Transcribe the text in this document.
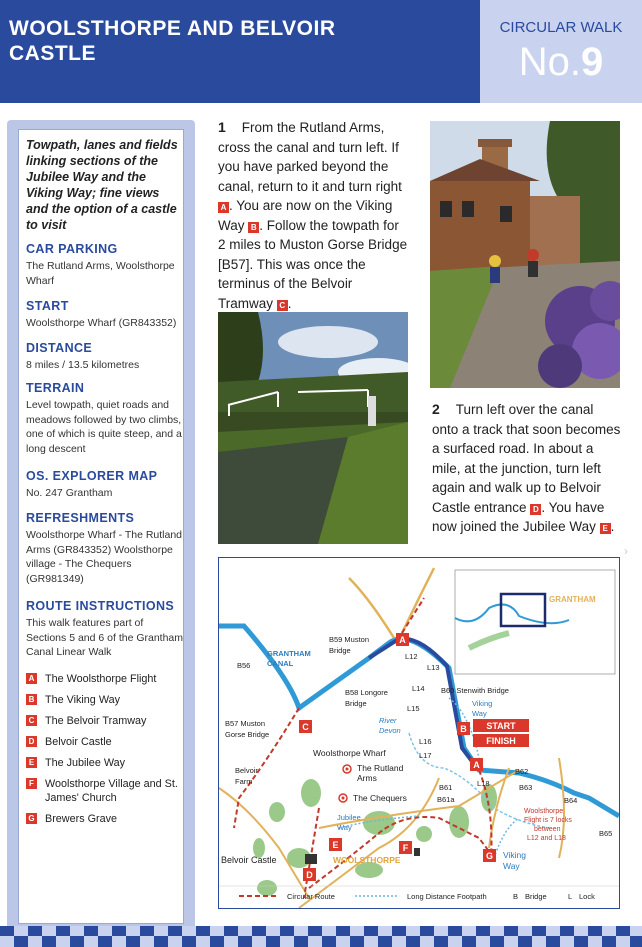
WOOLSTHORPE AND BELVOIR
CASTLE
CIRCULAR WALK
No.9
Towpath, lanes and fields linking sections of the Jubilee Way and the Viking Way; fine views and the option of a castle to visit
CAR PARKING

The Rutland Arms, Woolsthorpe Wharf

START

Woolsthorpe Wharf (GR843352)

DISTANCE

8 miles / 13.5 kilometres

TERRAIN

Level towpath, quiet roads and meadows followed by two climbs, one of which is quite steep, and a long descent

OS. EXPLORER MAP

No. 247 Grantham

REFRESHMENTS

Woolsthorpe Wharf - The Rutland Arms (GR843352) Woolsthorpe village - The Chequers (GR981349)

ROUTE INSTRUCTIONS

This walk features part of Sections 5 and 6 of the Grantham Canal Linear Walk

A The Woolsthorpe Flight
B The Viking Way
C The Belvoir Tramway
D Belvoir Castle
E The Jubilee Way
F Woolsthorpe Village and St. James' Church
G Brewers Grave
1 From the Rutland Arms, cross the canal and turn left. If you have parked beyond the canal, return to it and turn right A . You are now on the Viking Way B . Follow the towpath for 2 miles to Muston Gorse Bridge [B57]. This was once the terminus of the Belvoir Tramway C .
2 Turn left over the canal onto a track that soon becomes a surfaced road. In about a mile, at the junction, turn left again and walk up to Belvoir Castle entrance D . You have now joined the Jubilee Way E .
›
GRANTHAM
B59 Muston
Bridge
B56
GRANTHAM
CANAL
B58 Longore
Bridge
B57 Muston
Gorse Bridge
L12
L13
L14
L15
L16
L17
L18
B60 Stenwith Bridge
Viking
Way
River
Devon
Woolsthorpe Wharf
The Rutland
Arms
The Chequers
Belvoir
Farm
B62
B61
B61a
B63
B64
B65
Woolsthorpe
Flight is 7 locks
between
L12 and L18
Jubilee
Way
Viking
Way
Belvoir Castle	WOOLSTHORPE
START
FINISH
A
B
C
D
E	F
G
A
Circular Route	Long Distance Footpath	B Bridge	L Lock
